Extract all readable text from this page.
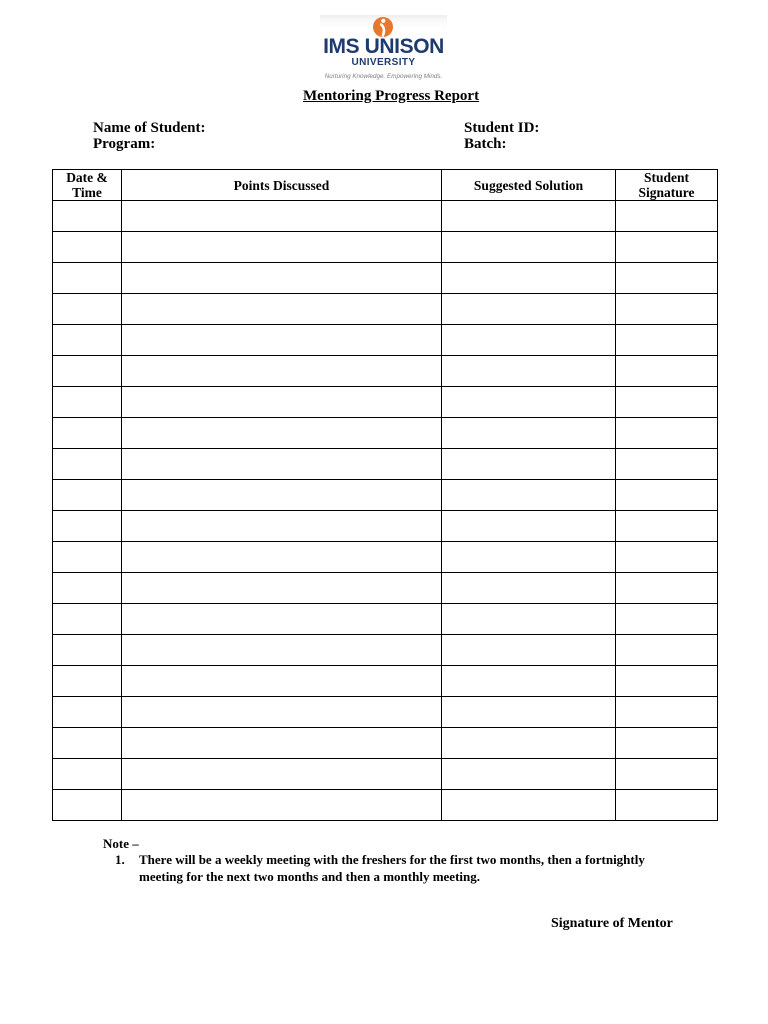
IMS UNISON
UNIVERSITY
Nurturing Knowledge. Empowering Minds.
Mentoring Progress Report
Name of Student:	Student ID:
Program:	Batch:
Date & Time	Points Discussed	Suggested Solution	Student Signature

Note –
1. There will be a weekly meeting with the freshers for the first two months, then a fortnightly meeting for the next two months and then a monthly meeting.
Signature of Mentor
